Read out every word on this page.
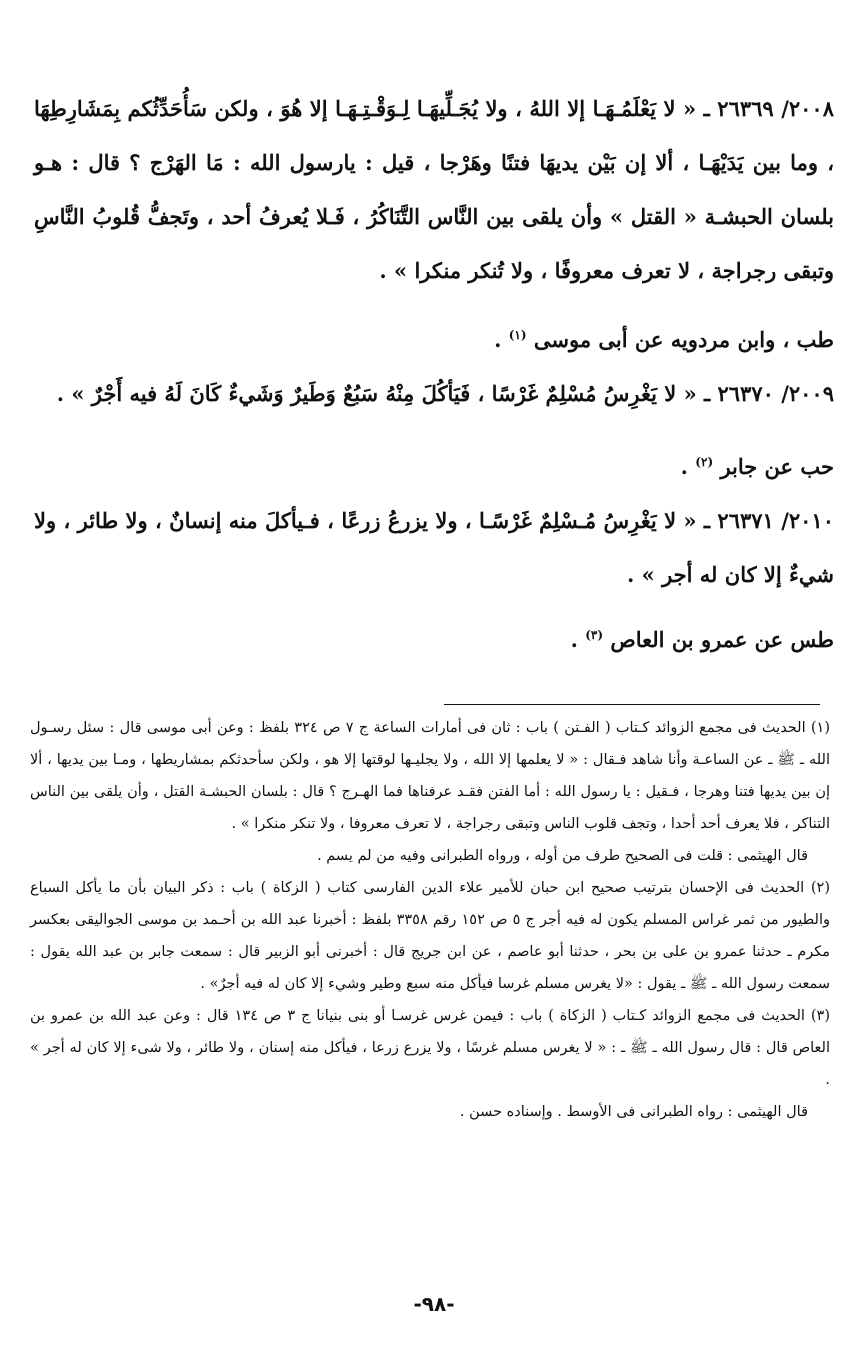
٢٠٠٨/ ٢٦٣٦٩ ـ « لا يَعْلَمُـهَـا إلا اللهُ ، ولا يُجَـلِّيهَـا لِـوَقْـتِـهَـا إلا هُوَ ، ولكن سَأُحَدِّثُكم بِمَشَارِطِهَا ، وما بين يَدَيْهَـا ، ألا إن بَيْن يديهَا فتنًا وهَرْجا ، قيل : يارسول الله : مَا الهَرْج ؟ قال : هـو بلسان الحبشـة « القتل » وأن يلقى بين النَّاس التَّنَاكُرُ ، فَـلا يُعرفُ أحد ، وتَجفُّ قُلوبُ النَّاسِ وتبقى رجراجة ، لا تعرف معروفًا ، ولا تُنكر منكرا » .

طب ، وابن مردويه عن أبى موسى $^{(١)}$ .

٢٠٠٩/ ٢٦٣٧٠ ـ « لا يَغْرِسُ مُسْلِمٌ غَرْسًا ، فَيَأكُلَ مِنْهُ سَبُعٌ وَطَيرٌ وَشَيءٌ كَانَ لَهُ فيه أَجْرٌ » .

حب عن جابر $^{(٢)}$ .

٢٠١٠/ ٢٦٣٧١ ـ « لا يَغْرِسُ مُـسْلِمٌ غَرْسًـا ، ولا يزرعُ زرعًا ، فـيأكلَ منه إنسانٌ ، ولا طائر ، ولا شيءٌ إلا كان له أجر » .

طس عن عمرو بن العاص $^{(٣)}$ .

(١) الحديث فى مجمع الزوائد كـتاب ( الفـتن ) باب : ثان فى أمارات الساعة ج ٧ ص ٣٢٤ بلفظ : وعن أبى موسى قال : سئل رسـول الله ـ ﷺ ـ عن الساعـة وأنا شاهد فـقال : « لا يعلمها إلا الله ، ولا يجليـها لوقتها إلا هو ، ولكن سأحدثكم بمشاريطها ، ومـا بين يديها ، ألا إن بين يديها فتنا وهرجا ، فـقيل : يا رسول الله : أما الفتن فقـد عرفناها فما الهـرج ؟ قال : بلسان الحبشـة القتل ، وأن يلقى بين الناس التناكر ، فلا يعرف أحد أحدا ، وتجف قلوب الناس وتبقى رجراجة ، لا تعرف معروفا ، ولا تنكر منكرا » .

قال الهيثمى : قلت فى الصحيح طرف من أوله ، ورواه الطبرانى وفيه من لم يسم .

(٢) الحديث فى الإحسان بترتيب صحيح ابن حبان للأمير علاء الدين الفارسى كتاب ( الزكاة ) باب : ذكر البيان بأن ما يأكل السباع والطيور من ثمر غراس المسلم يكون له فيه أجر ج ٥ ص ١٥٢ رقم ٣٣٥٨ بلفظ : أخبرنا عبد الله بن أحـمد بن موسى الجواليقى بعكسر مكرم ـ حدثنا عمرو بن على بن بحر ، حدثنا أبو عاصم ، عن ابن جريج قال : أخبرنى أبو الزبير قال : سمعت جابر بن عبد الله يقول : سمعت رسول الله ـ ﷺ ـ يقول : «لا يغرس مسلم غرسا فيأكل منه سبع وطير وشيء إلا كان له فيه أجرٌ» .

(٣) الحديث فى مجمع الزوائد كـتاب ( الزكاة ) باب : فيمن غرس غرسـا أو بنى بنيانا ج ٣ ص ١٣٤ قال : وعن عبد الله بن عمرو بن العاص قال : قال رسول الله ـ ﷺ ـ : « لا يغرس مسلم غرسًا ، ولا يزرع زرعا ، فيأكل منه إسنان ، ولا طائر ، ولا شىء إلا كان له أجر » .

قال الهيثمى : رواه الطبرانى فى الأوسط . وإسناده حسن .

-٩٨-
